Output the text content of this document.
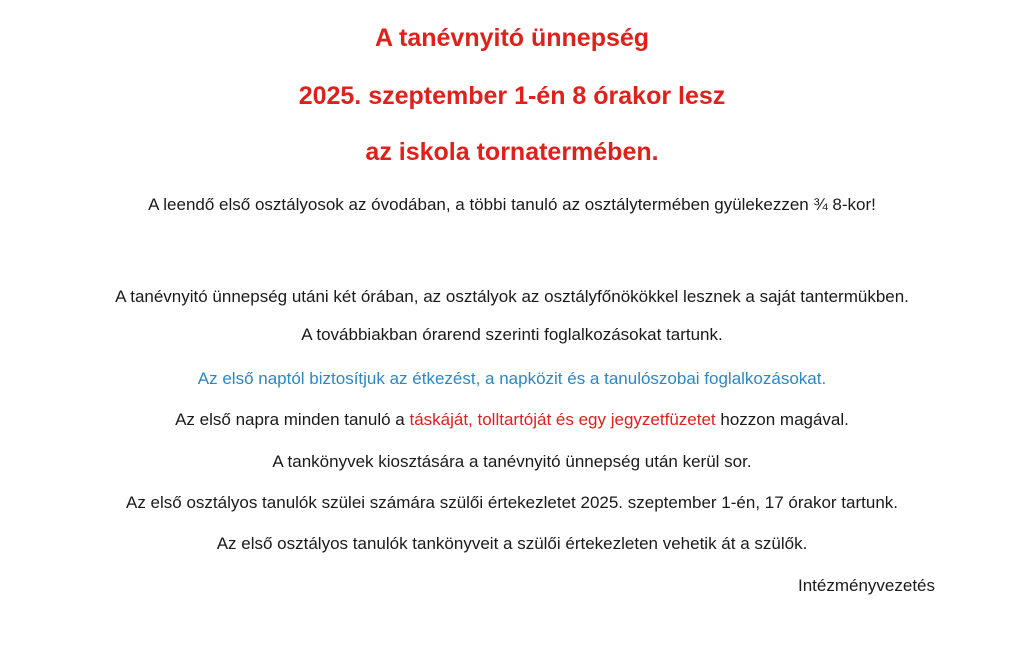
A tanévnyitó ünnepség

2025. szeptember 1-én 8 órakor lesz

az iskola tornatermében.

A leendő első osztályosok az óvodában, a többi tanuló az osztálytermében gyülekezzen ¾ 8-kor!

A tanévnyitó ünnepség utáni két órában, az osztályok az osztályfőnökökkel lesznek a saját tantermükben.

A továbbiakban órarend szerinti foglalkozásokat tartunk.

Az első naptól biztosítjuk az étkezést, a napközit és a tanulószobai foglalkozásokat.

Az első napra minden tanuló a táskáját, tolltartóját és egy jegyzetfüzetet hozzon magával.

A tankönyvek kiosztására a tanévnyitó ünnepség után kerül sor.

Az első osztályos tanulók szülei számára szülői értekezletet 2025. szeptember 1-én, 17 órakor tartunk.

Az első osztályos tanulók tankönyveit a szülői értekezleten vehetik át a szülők.

Intézményvezetés
